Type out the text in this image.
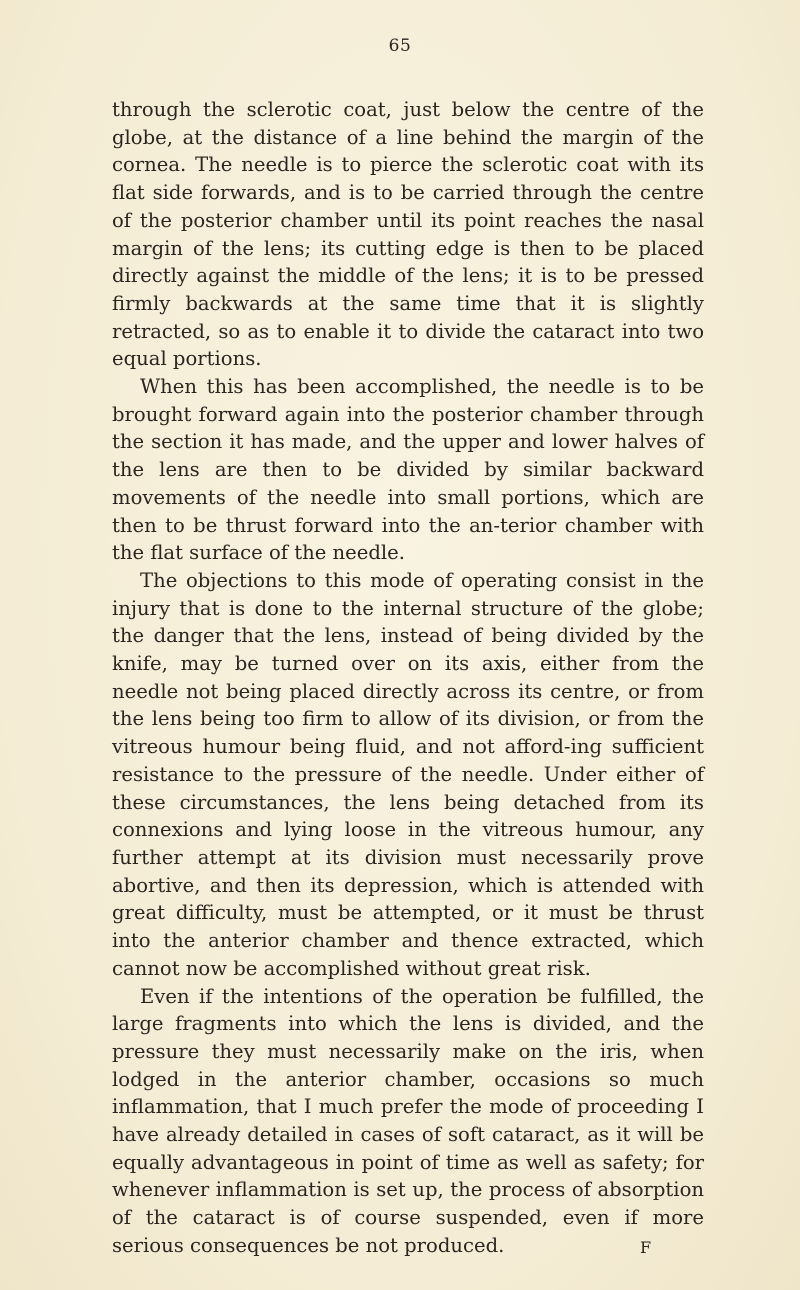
65

through the sclerotic coat, just below the centre of the globe, at the distance of a line behind the margin of the cornea. The needle is to pierce the sclerotic coat with its flat side forwards, and is to be carried through the centre of the posterior chamber until its point reaches the nasal margin of the lens; its cutting edge is then to be placed directly against the middle of the lens; it is to be pressed firmly backwards at the same time that it is slightly retracted, so as to enable it to divide the cataract into two equal portions.

When this has been accomplished, the needle is to be brought forward again into the posterior chamber through the section it has made, and the upper and lower halves of the lens are then to be divided by similar backward movements of the needle into small portions, which are then to be thrust forward into the an-terior chamber with the flat surface of the needle.

The objections to this mode of operating consist in the injury that is done to the internal structure of the globe; the danger that the lens, instead of being divided by the knife, may be turned over on its axis, either from the needle not being placed directly across its centre, or from the lens being too firm to allow of its division, or from the vitreous humour being fluid, and not afford-ing sufficient resistance to the pressure of the needle. Under either of these circumstances, the lens being detached from its connexions and lying loose in the vitreous humour, any further attempt at its division must necessarily prove abortive, and then its depression, which is attended with great difficulty, must be attempted, or it must be thrust into the anterior chamber and thence extracted, which cannot now be accomplished without great risk.

Even if the intentions of the operation be fulfilled, the large fragments into which the lens is divided, and the pressure they must necessarily make on the iris, when lodged in the anterior chamber, occasions so much inflammation, that I much prefer the mode of proceeding I have already detailed in cases of soft cataract, as it will be equally advantageous in point of time as well as safety; for whenever inflammation is set up, the process of absorption of the cataract is of course suspended, even if more serious consequences be not produced.	F
